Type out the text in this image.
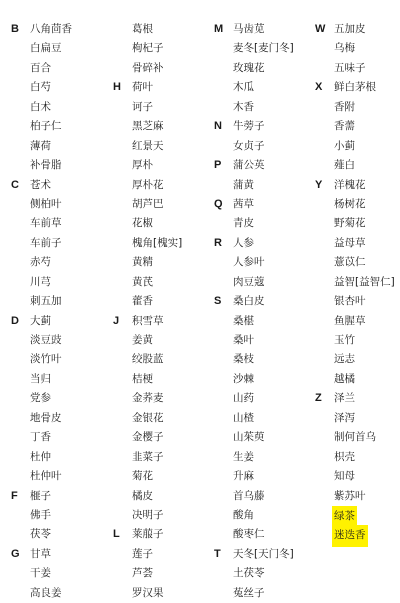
B 八角茴香
白扁豆
百合
白芍
白术
柏子仁
薄荷
补骨脂
C 苍术
侧柏叶
车前草
车前子
赤芍
川芎
刺五加
D 大蓟
淡豆豉
淡竹叶
当归
党参
地骨皮
丁香
杜仲
杜仲叶
F 榧子
佛手
茯苓
G 甘草
干姜
高良姜
葛根
枸杞子
骨碎补
H 荷叶
诃子
黑芝麻
红景天
厚朴
厚朴花
胡芦巴
花椒
槐角[槐实]
黄精
黄芪
藿香
J 积雪草
姜黄
绞股蓝
桔梗
金荞麦
金银花
金樱子
韭菜子
菊花
橘皮
决明子
L 莱菔子
莲子
芦荟
罗汉果
M 马齿苋
麦冬[麦门冬]
玫瑰花
木瓜
木香
N 牛蒡子
女贞子
P 蒲公英
蒲黄
Q 茜草
青皮
R 人参
人参叶
肉豆蔻
S 桑白皮
桑椹
桑叶
桑枝
沙棘
山药
山楂
山茱萸
生姜
升麻
首乌藤
酸角
酸枣仁
T 天冬[天门冬]
土茯苓
菟丝子
W 五加皮
乌梅
五味子
X 鲜白茅根
香附
香薷
小蓟
薤白
Y 洋槐花
杨树花
野菊花
益母草
薏苡仁
益智[益智仁]
银杏叶
鱼腥草
玉竹
远志
越橘
Z 泽兰
泽泻
制何首乌
枳壳
知母
紫苏叶
绿茶
迷迭香
